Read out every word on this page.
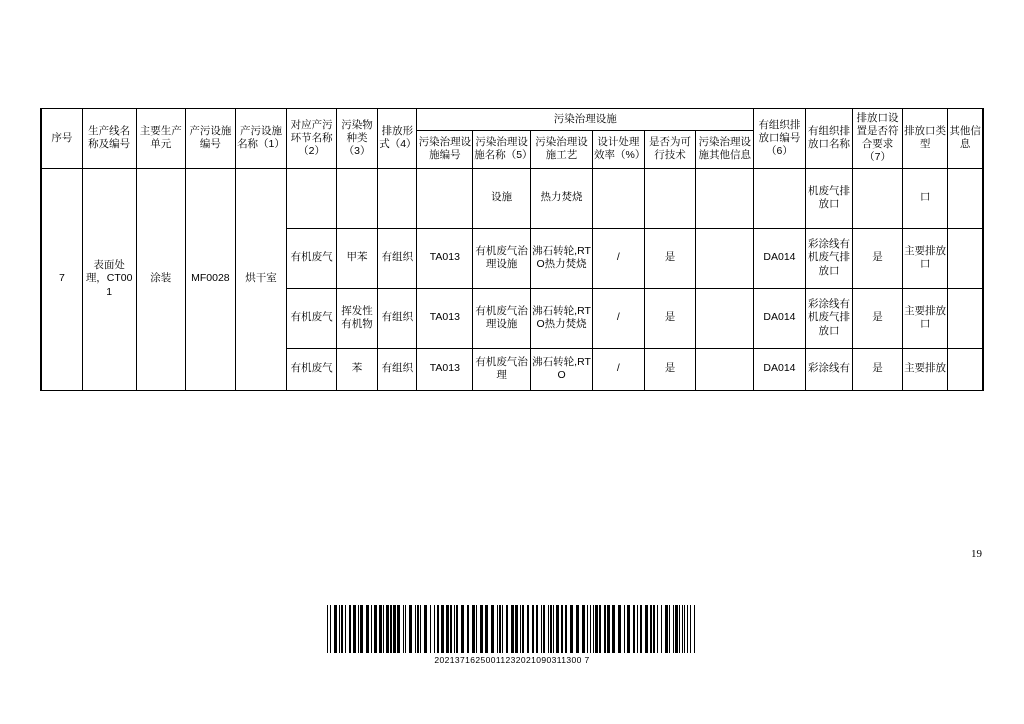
序号	生产线名称及编号	主要生产单元	产污设施编号	产污设施名称（1）	对应产污环节名称（2）	污染物种类（3）	排放形式（4）	污染治理设施						有组织排放口编号（6）	有组织排放口名称	排放口设置是否符合要求（7）	排放口类型	其他信息
								污染治理设施编号	污染治理设施名称（5）	污染治理设施工艺	设计处理效率（%）	是否为可行技术	污染治理设施其他信息					
7	表面处理，CT001	涂装	MF0028	烘干室					设施	热力焚烧					机废气排放口		口	
					有机废气	甲苯	有组织	TA013	有机废气治理设施	沸石转轮,RTO热力焚烧	/	是		DA014	彩涂线有机废气排放口	是	主要排放口	
					有机废气	挥发性有机物	有组织	TA013	有机废气治理设施	沸石转轮,RTO热力焚烧	/	是		DA014	彩涂线有机废气排放口	是	主要排放口	
					有机废气	苯	有组织	TA013	有机废气治理	沸石转轮,RTO	/	是		DA014	彩涂线有	是	主要排放	
19
20213716250011232021090311300 7
